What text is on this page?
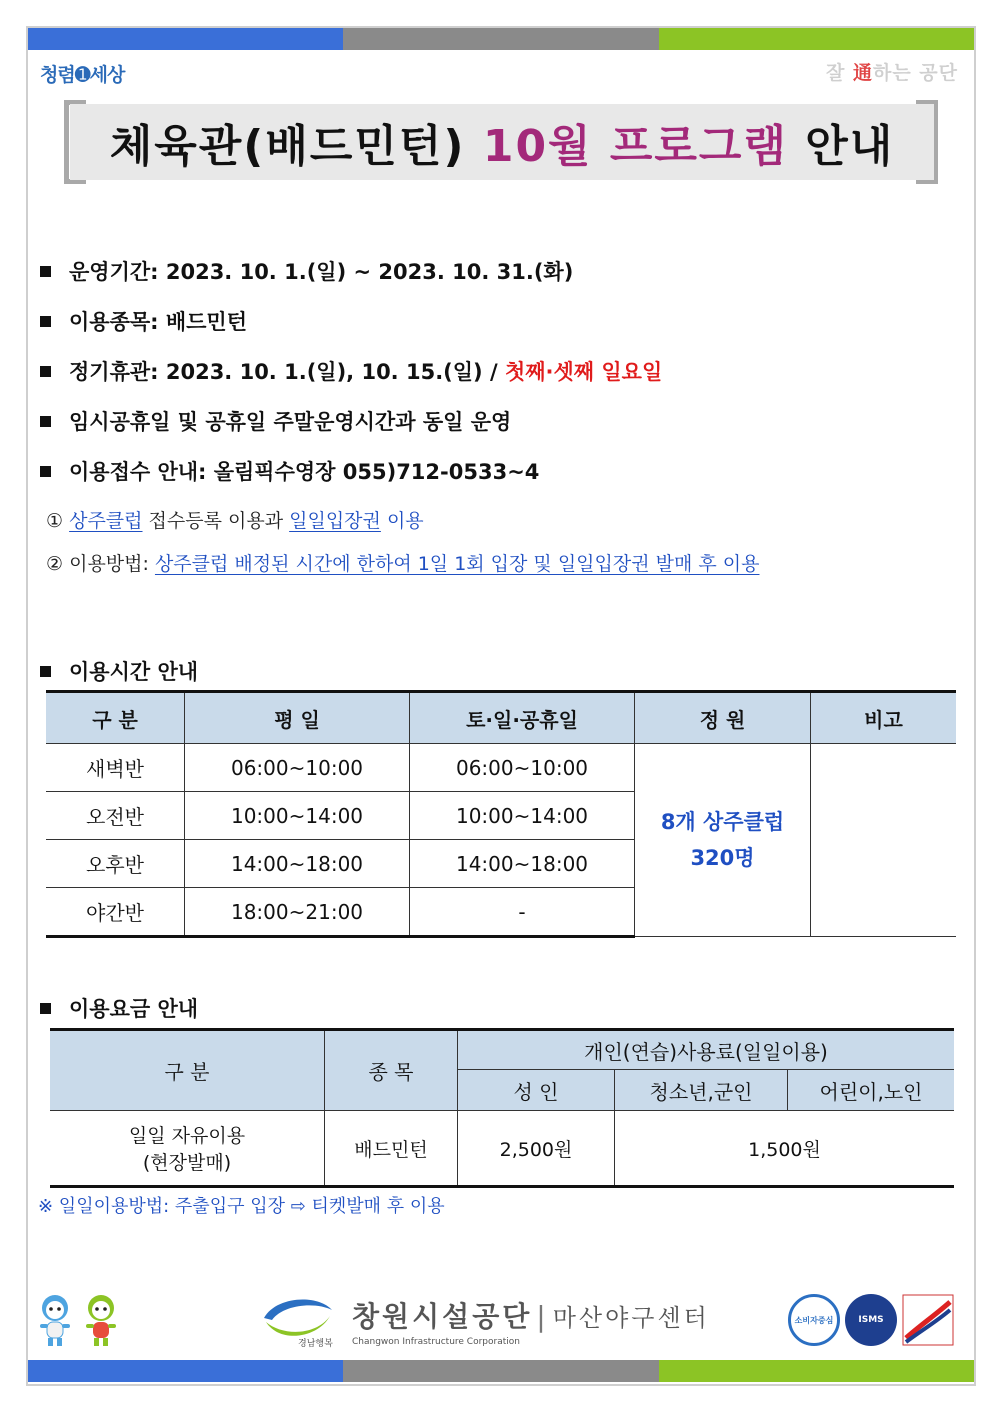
청렴➊세상	잘 通하는 공단
체육관(배드민턴) 10월 프로그램 안내
운영기간: 2023. 10. 1.(일) ~ 2023. 10. 31.(화)
이용종목: 배드민턴
정기휴관: 2023. 10. 1.(일), 10. 15.(일) / 첫째·셋째 일요일
임시공휴일 및 공휴일 주말운영시간과 동일 운영
이용접수 안내: 올림픽수영장 055)712-0533~4
① 상주클럽 접수등록 이용과 일일입장권 이용
② 이용방법: 상주클럽 배정된 시간에 한하여 1일 1회 입장 및 일일입장권 발매 후 이용
이용시간 안내
구 분	평 일	토·일·공휴일	정 원	비고
새벽반	06:00~10:00	06:00~10:00	8개 상주클럽
320명	

오전반	10:00~14:00	10:00~14:00		
오후반	14:00~18:00	14:00~18:00		
야간반	18:00~21:00	-		
이용요금 안내
구 분	종 목	개인(연습)사용료(일일이용)		
		성 인	청소년,군인	어린이,노인

일일 자유이용
(현장발매)	배드민턴	2,500원	1,500원	
※ 일일이용방법: 주출입구 입장 ⇨ 티켓발매 후 이용
경남행복
창원시설공단 | 마산야구센터
Changwon Infrastructure Corporation
소비자중심	ISMS
